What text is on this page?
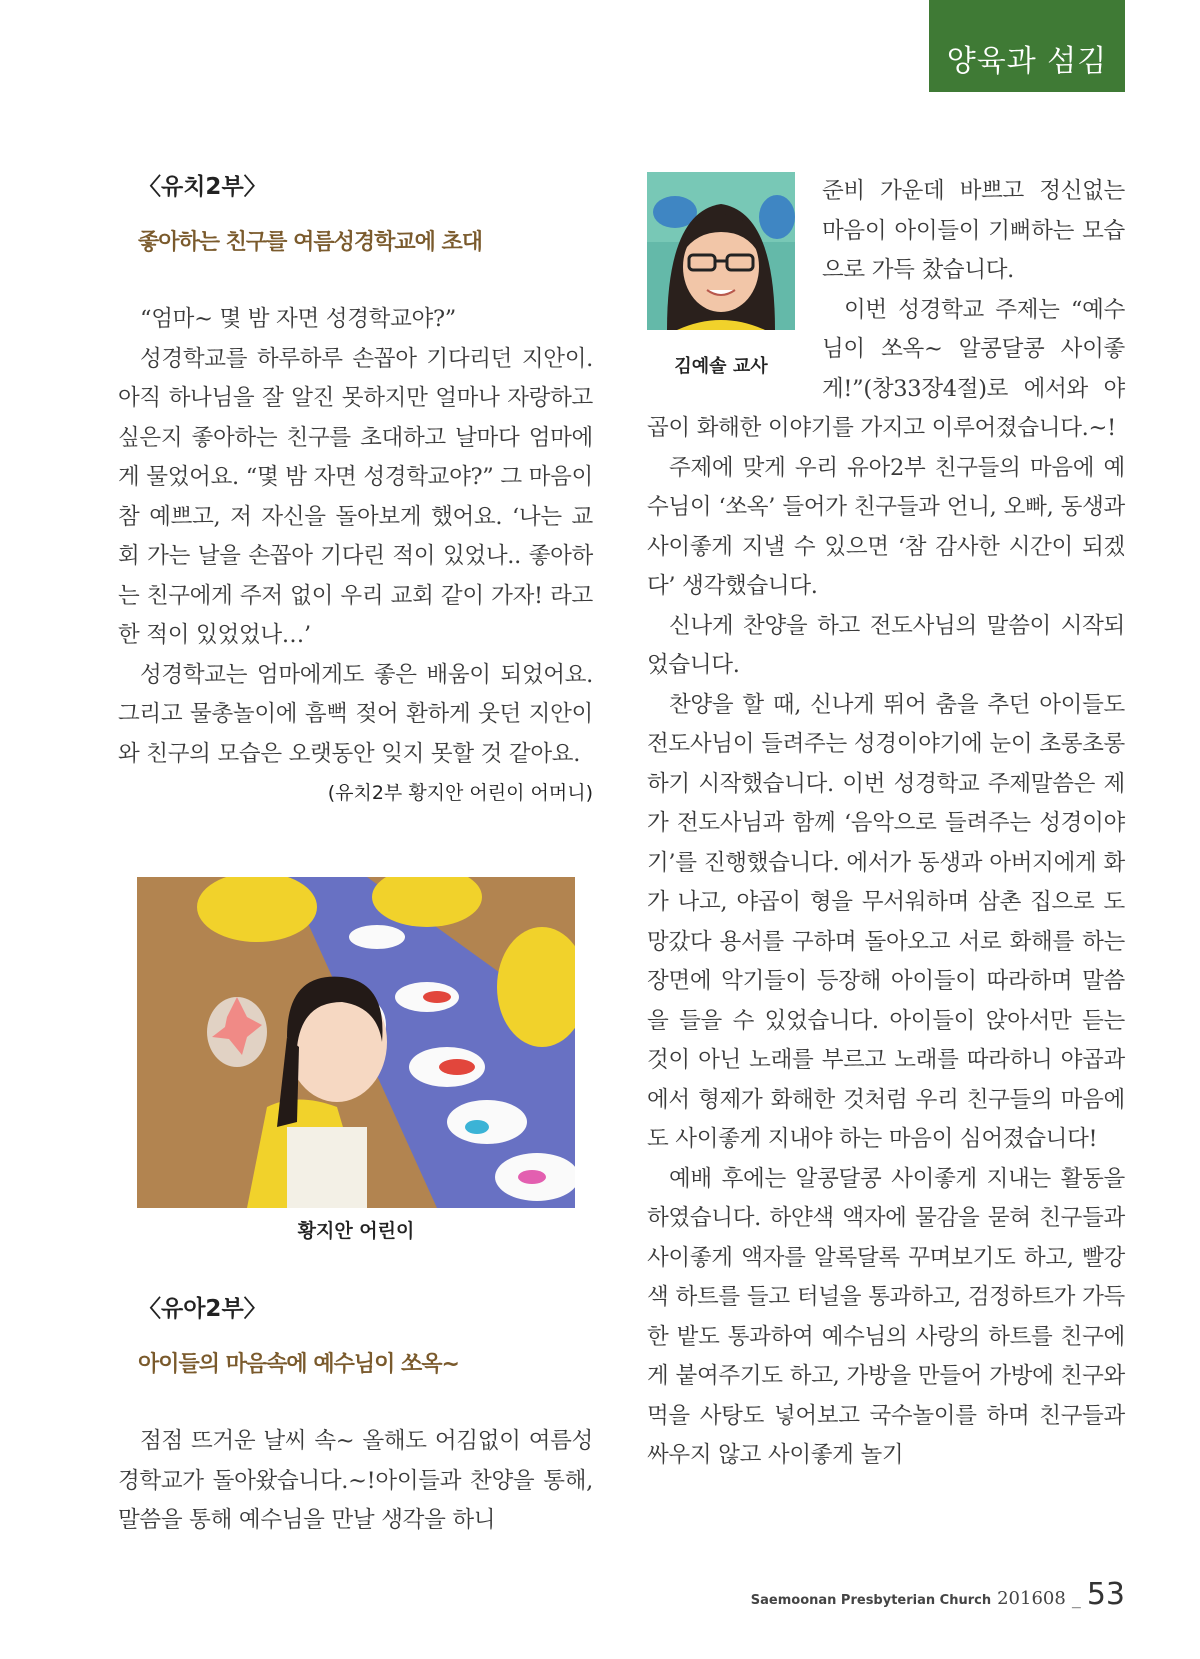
양육과 섬김
〈유치2부〉
좋아하는 친구를 여름성경학교에 초대

“엄마~ 몇 밤 자면 성경학교야?”

성경학교를 하루하루 손꼽아 기다리던 지안이. 아직 하나님을 잘 알진 못하지만 얼마나 자랑하고 싶은지 좋아하는 친구를 초대하고 날마다 엄마에게 물었어요. “몇 밤 자면 성경학교야?” 그 마음이 참 예쁘고, 저 자신을 돌아보게 했어요. ‘나는 교회 가는 날을 손꼽아 기다린 적이 있었나.. 좋아하는 친구에게 주저 없이 우리 교회 같이 가자! 라고 한 적이 있었었나…’

성경학교는 엄마에게도 좋은 배움이 되었어요. 그리고 물총놀이에 흠뻑 젖어 환하게 웃던 지안이와 친구의 모습은 오랫동안 잊지 못할 것 같아요.

(유치2부 황지안 어린이 어머니)
황지안 어린이
〈유아2부〉
아이들의 마음속에 예수님이 쏘옥~

점점 뜨거운 날씨 속~ 올해도 어김없이 여름성경학교가 돌아왔습니다.~!아이들과 찬양을 통해, 말씀을 통해 예수님을 만날 생각을 하니

김예솔 교사

준비 가운데 바쁘고 정신없는 마음이 아이들이 기뻐하는 모습으로 가득 찼습니다.

이번 성경학교 주제는 “예수님이 쏘옥~ 알콩달콩 사이좋게!”(창33장4절)로 에서와 야곱이 화해한 이야기를 가지고 이루어졌습니다.~!

주제에 맞게 우리 유아2부 친구들의 마음에 예수님이 ‘쏘옥’ 들어가 친구들과 언니, 오빠, 동생과 사이좋게 지낼 수 있으면 ‘참 감사한 시간이 되겠다’ 생각했습니다.

신나게 찬양을 하고 전도사님의 말씀이 시작되었습니다.

찬양을 할 때, 신나게 뛰어 춤을 추던 아이들도 전도사님이 들려주는 성경이야기에 눈이 초롱초롱 하기 시작했습니다. 이번 성경학교 주제말씀은 제가 전도사님과 함께 ‘음악으로 들려주는 성경이야기’를 진행했습니다. 에서가 동생과 아버지에게 화가 나고, 야곱이 형을 무서워하며 삼촌 집으로 도망갔다 용서를 구하며 돌아오고 서로 화해를 하는 장면에 악기들이 등장해 아이들이 따라하며 말씀을 들을 수 있었습니다. 아이들이 앉아서만 듣는 것이 아닌 노래를 부르고 노래를 따라하니 야곱과 에서 형제가 화해한 것처럼 우리 친구들의 마음에도 사이좋게 지내야 하는 마음이 심어졌습니다!

예배 후에는 알콩달콩 사이좋게 지내는 활동을 하였습니다. 하얀색 액자에 물감을 묻혀 친구들과 사이좋게 액자를 알록달록 꾸며보기도 하고, 빨강색 하트를 들고 터널을 통과하고, 검정하트가 가득한 밭도 통과하여 예수님의 사랑의 하트를 친구에게 붙여주기도 하고, 가방을 만들어 가방에 친구와 먹을 사탕도 넣어보고 국수놀이를 하며 친구들과 싸우지 않고 사이좋게 놀기

Saemoonan Presbyterian Church 201608 _ 53
